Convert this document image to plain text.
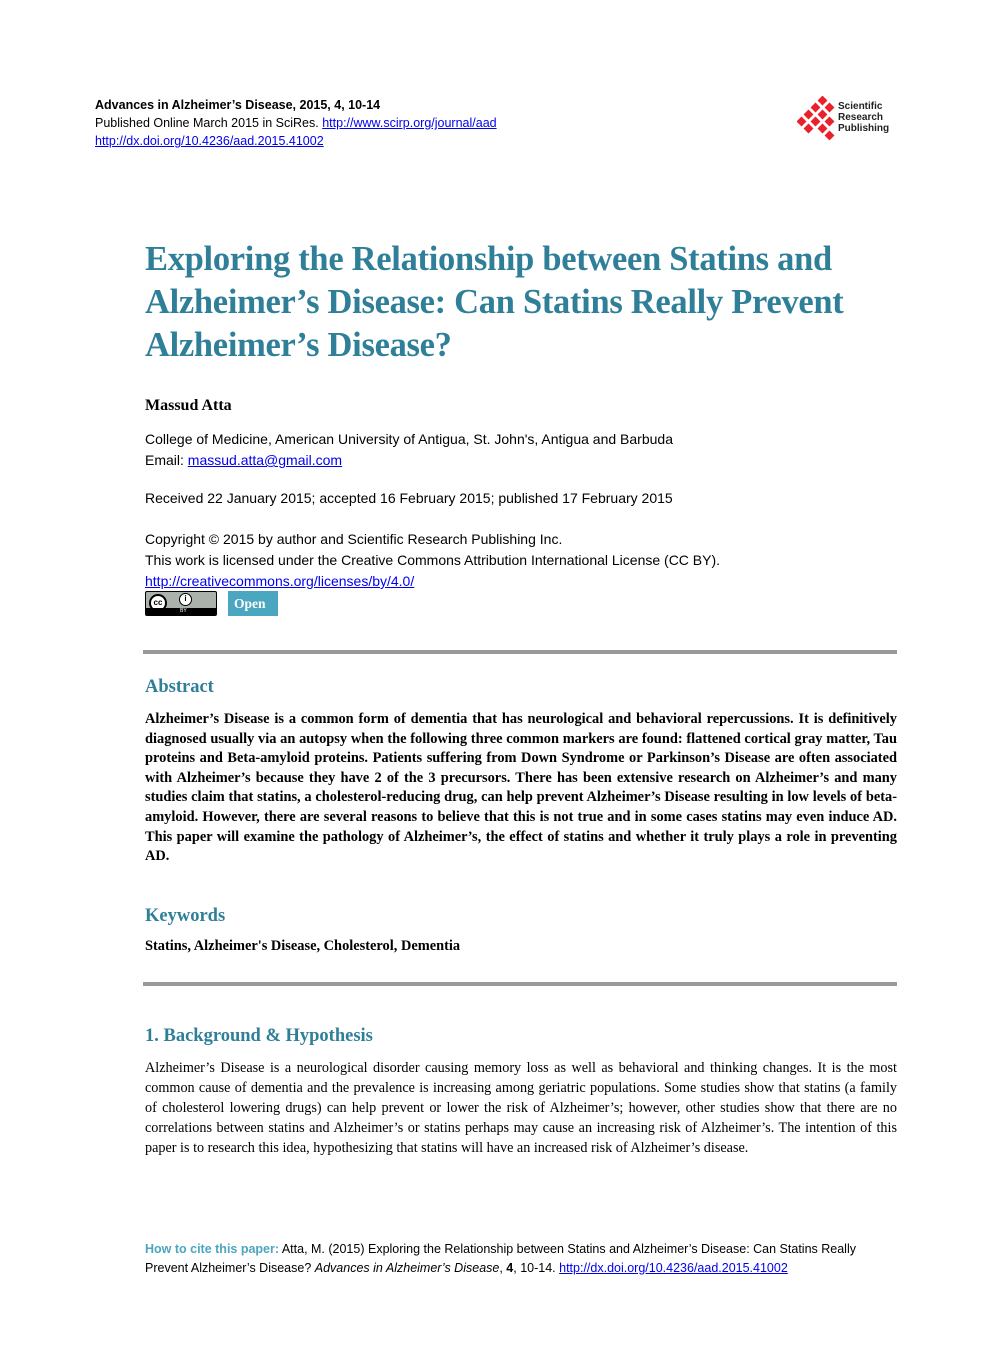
Advances in Alzheimer’s Disease, 2015, 4, 10-14
Published Online March 2015 in SciRes. http://www.scirp.org/journal/aad
http://dx.doi.org/10.4236/aad.2015.41002
Scientific
Research
Publishing
Exploring the Relationship between Statins and Alzheimer’s Disease: Can Statins Really Prevent Alzheimer’s Disease?
Massud Atta
College of Medicine, American University of Antigua, St. John's, Antigua and Barbuda
Email: massud.atta@gmail.com
Received 22 January 2015; accepted 16 February 2015; published 17 February 2015
Copyright © 2015 by author and Scientific Research Publishing Inc.
This work is licensed under the Creative Commons Attribution International License (CC BY).
http://creativecommons.org/licenses/by/4.0/
cc	i
BY	Open Access
Abstract
Alzheimer’s Disease is a common form of dementia that has neurological and behavioral repercussions. It is definitively diagnosed usually via an autopsy when the following three common markers are found: flattened cortical gray matter, Tau proteins and Beta-amyloid proteins. Patients suffering from Down Syndrome or Parkinson’s Disease are often associated with Alzheimer’s because they have 2 of the 3 precursors. There has been extensive research on Alzheimer’s and many studies claim that statins, a cholesterol-reducing drug, can help prevent Alzheimer’s Disease resulting in low levels of beta-amyloid. However, there are several reasons to believe that this is not true and in some cases statins may even induce AD. This paper will examine the pathology of Alzheimer’s, the effect of statins and whether it truly plays a role in preventing AD.
Keywords
Statins, Alzheimer's Disease, Cholesterol, Dementia
1. Background & Hypothesis
Alzheimer’s Disease is a neurological disorder causing memory loss as well as behavioral and thinking changes. It is the most common cause of dementia and the prevalence is increasing among geriatric populations. Some studies show that statins (a family of cholesterol lowering drugs) can help prevent or lower the risk of Alzheimer’s; however, other studies show that there are no correlations between statins and Alzheimer’s or statins perhaps may cause an increasing risk of Alzheimer’s. The intention of this paper is to research this idea, hypothesizing that statins will have an increased risk of Alzheimer’s disease.
How to cite this paper: Atta, M. (2015) Exploring the Relationship between Statins and Alzheimer’s Disease: Can Statins Really Prevent Alzheimer’s Disease? Advances in Alzheimer’s Disease, 4, 10-14. http://dx.doi.org/10.4236/aad.2015.41002
